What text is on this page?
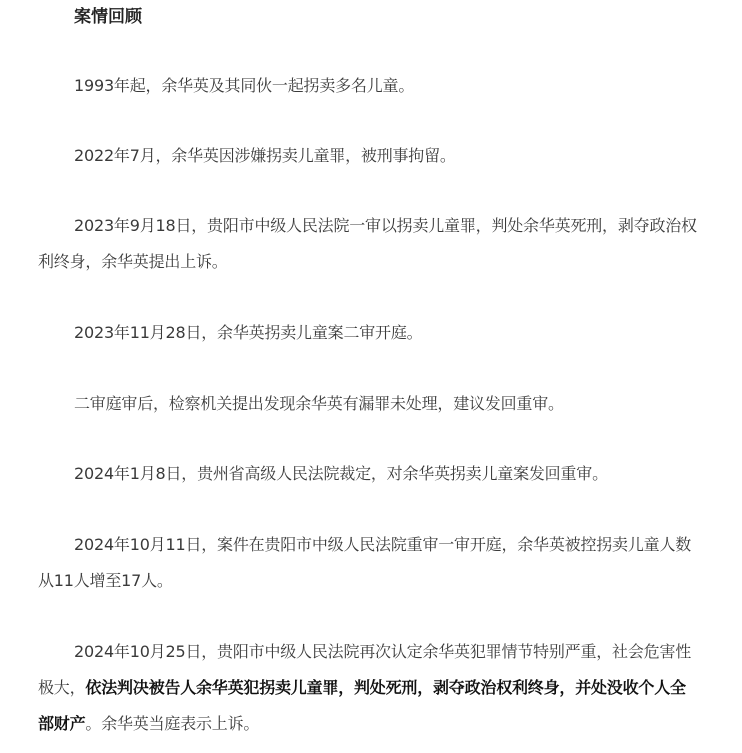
案情回顾

1993年起，余华英及其同伙一起拐卖多名儿童。

2022年7月，余华英因涉嫌拐卖儿童罪，被刑事拘留。

2023年9月18日，贵阳市中级人民法院一审以拐卖儿童罪，判处余华英死刑，剥夺政治权利终身，余华英提出上诉。

2023年11月28日，余华英拐卖儿童案二审开庭。

二审庭审后，检察机关提出发现余华英有漏罪未处理，建议发回重审。

2024年1月8日，贵州省高级人民法院裁定，对余华英拐卖儿童案发回重审。

2024年10月11日，案件在贵阳市中级人民法院重审一审开庭，余华英被控拐卖儿童人数从11人增至17人。

2024年10月25日，贵阳市中级人民法院再次认定余华英犯罪情节特别严重，社会危害性极大，依法判决被告人余华英犯拐卖儿童罪，判处死刑，剥夺政治权利终身，并处没收个人全部财产。余华英当庭表示上诉。
